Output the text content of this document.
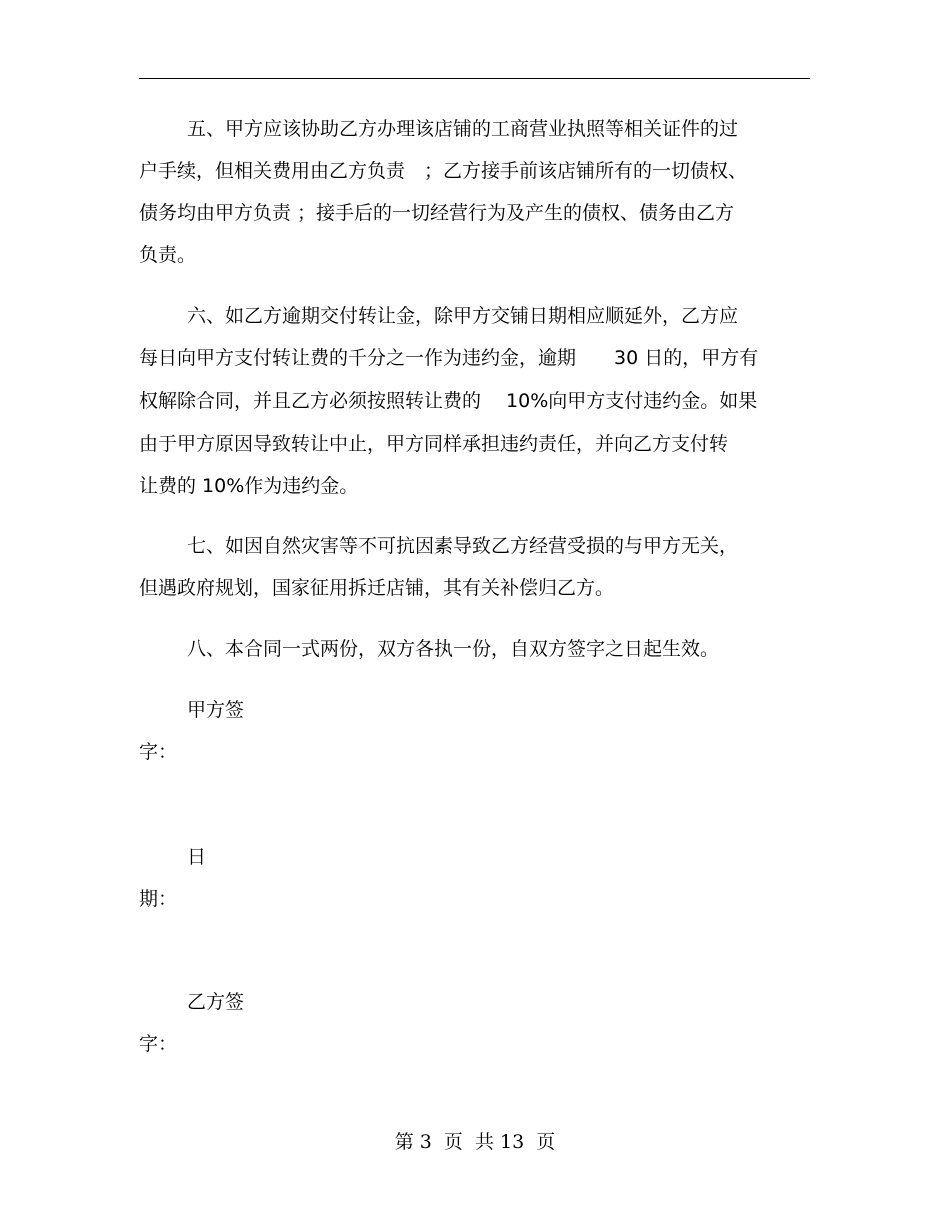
五、甲方应该协助乙方办理该店铺的工商营业执照等相关证件的过
户手续，但相关费用由乙方负责　；乙方接手前该店铺所有的一切债权、
债务均由甲方负责 ；接手后的一切经营行为及产生的债权、债务由乙方
负责。
六、如乙方逾期交付转让金，除甲方交铺日期相应顺延外，乙方应
每日向甲方支付转让费的千分之一作为违约金，逾期　　30 日的，甲方有
权解除合同，并且乙方必须按照转让费的　 10%向甲方支付违约金。如果
由于甲方原因导致转让中止，甲方同样承担违约责任，并向乙方支付转
让费的 10%作为违约金。
七、如因自然灾害等不可抗因素导致乙方经营受损的与甲方无关，
但遇政府规划，国家征用拆迁店铺，其有关补偿归乙方。
八、本合同一式两份，双方各执一份，自双方签字之日起生效。
甲方签
字：
日
期：
乙方签
字：
第 3  页  共 13  页
